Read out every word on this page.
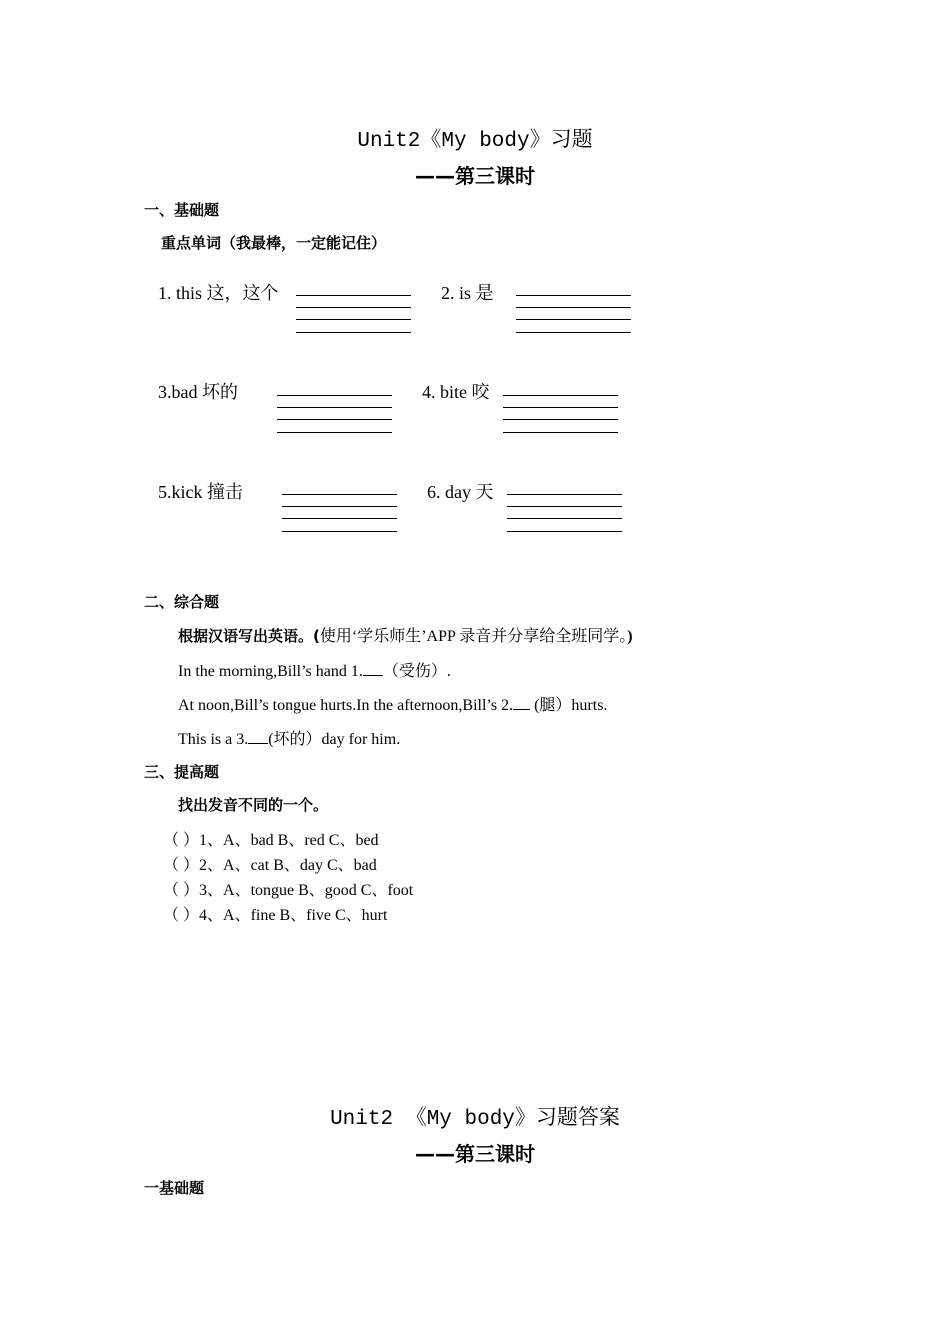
Unit2《My body》习题
——第三课时
一、基础题
重点单词（我最棒，一定能记住）
1. this 这，这个	2. is 是
3.bad 坏的	4. bite 咬
5.kick 撞击	6. day 天
二、综合题
根据汉语写出英语。(使用‘学乐师生’APP 录音并分享给全班同学。)
In the morning,Bill’s hand 1. （受伤）.
At noon,Bill’s tongue hurts.In the afternoon,Bill’s 2. (腿）hurts.
This is a 3. (坏的）day for him.
三、提高题
找出发音不同的一个。
（ ）1、A、bad B、red C、bed
（ ）2、A、cat B、day C、bad
（ ）3、A、tongue B、good C、foot
（ ）4、A、fine B、five C、hurt
Unit2 《My body》习题答案
——第三课时
一基础题
